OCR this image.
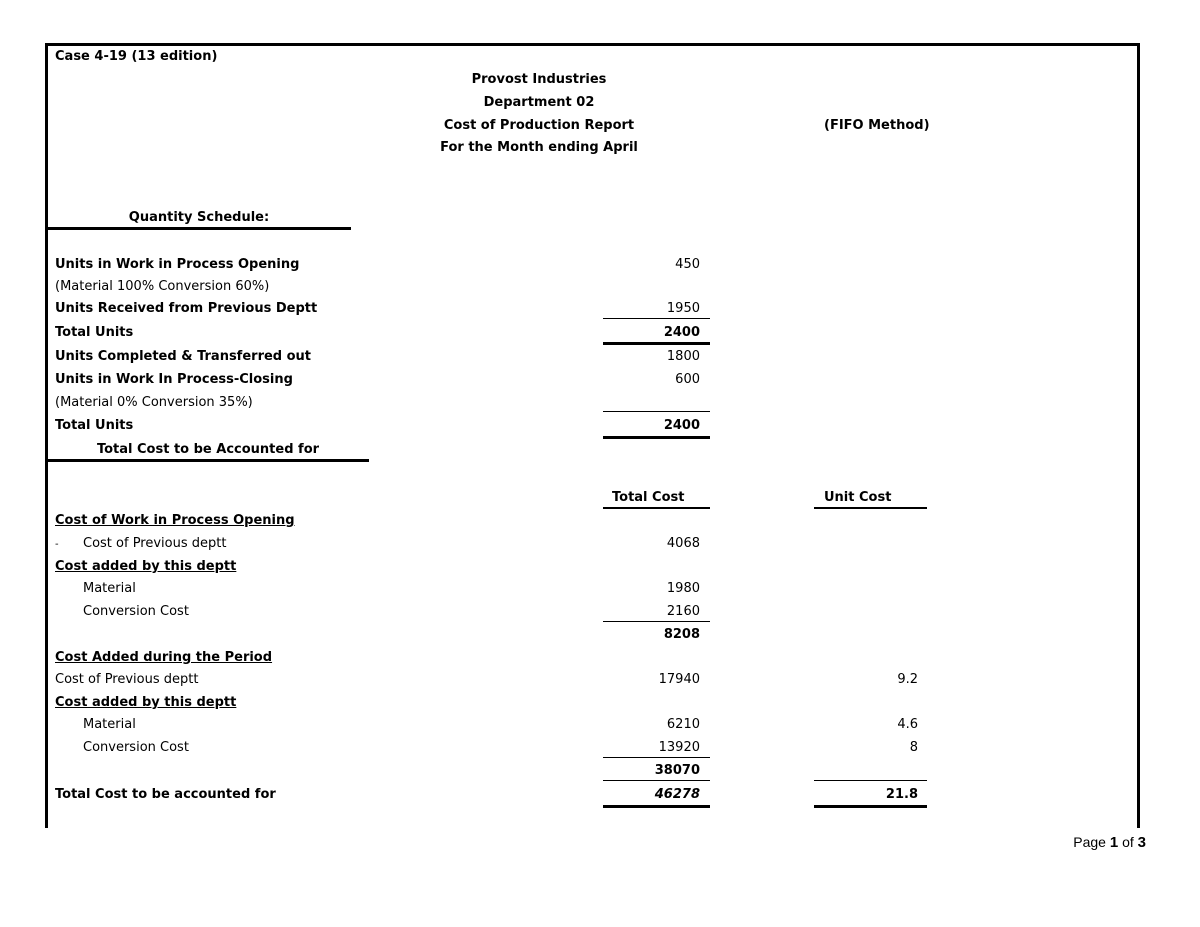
Case 4-19 (13 edition)
Provost Industries
Department 02
Cost of Production Report
For the Month ending April
(FIFO Method)
Quantity Schedule:
Units in Work in Process Opening	450
(Material 100% Conversion 60%)
Units Received from Previous Deptt	1950
Total Units	2400
Units Completed & Transferred out	1800
Units in Work In Process-Closing	600
(Material 0% Conversion 35%)
Total Units	2400
Total Cost to be Accounted for
Total Cost	Unit Cost
Cost of Work in Process Opening
- Cost of Previous deptt	4068
Cost added by this deptt
Material	1980
Conversion Cost	2160
8208
Cost Added during the Period
Cost of Previous deptt	17940	9.2
Cost added by this deptt
Material	6210	4.6
Conversion Cost	13920	8
38070
Total Cost to be accounted for	46278	21.8
Page 1 of 3
